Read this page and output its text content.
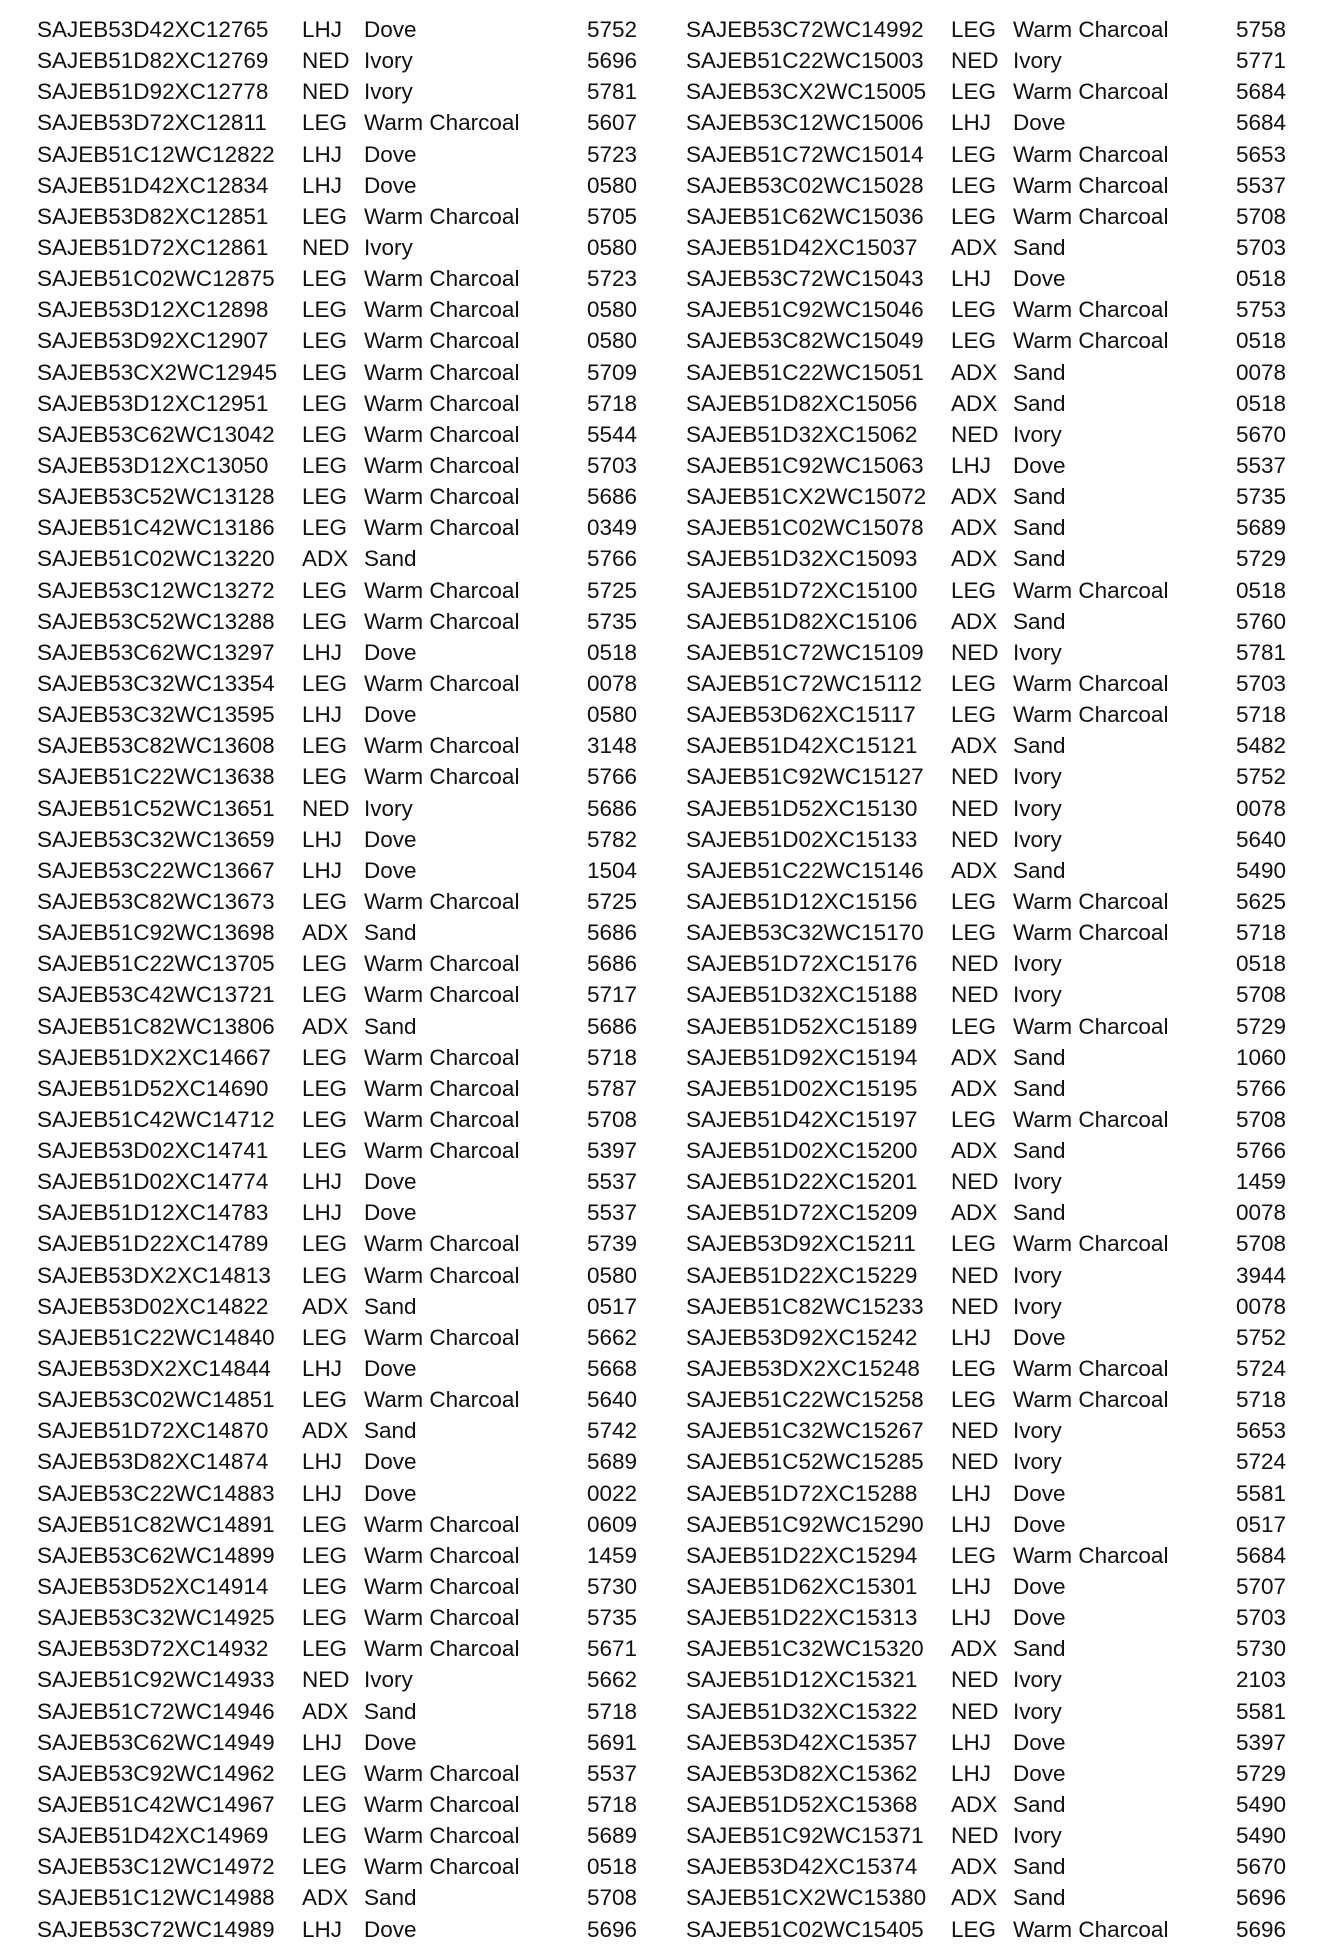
SAJEB53D42XC12765 LHJ Dove	5752
SAJEB51D82XC12769 NED Ivory	5696
SAJEB51D92XC12778 NED Ivory	5781
SAJEB53D72XC12811 LEG Warm Charcoal	5607
SAJEB51C12WC12822 LHJ Dove	5723
SAJEB51D42XC12834 LHJ Dove	0580
SAJEB53D82XC12851 LEG Warm Charcoal	5705
SAJEB51D72XC12861 NED Ivory	0580
SAJEB51C02WC12875 LEG Warm Charcoal	5723
SAJEB53D12XC12898 LEG Warm Charcoal	0580
SAJEB53D92XC12907 LEG Warm Charcoal	0580
SAJEB53CX2WC12945 LEG Warm Charcoal	5709
SAJEB53D12XC12951 LEG Warm Charcoal	5718
SAJEB53C62WC13042 LEG Warm Charcoal	5544
SAJEB53D12XC13050 LEG Warm Charcoal	5703
SAJEB53C52WC13128 LEG Warm Charcoal	5686
SAJEB51C42WC13186 LEG Warm Charcoal	0349
SAJEB51C02WC13220 ADX Sand	5766
SAJEB53C12WC13272 LEG Warm Charcoal	5725
SAJEB53C52WC13288 LEG Warm Charcoal	5735
SAJEB53C62WC13297 LHJ Dove	0518
SAJEB53C32WC13354 LEG Warm Charcoal	0078
SAJEB53C32WC13595 LHJ Dove	0580
SAJEB53C82WC13608 LEG Warm Charcoal	3148
SAJEB51C22WC13638 LEG Warm Charcoal	5766
SAJEB51C52WC13651 NED Ivory	5686
SAJEB53C32WC13659 LHJ Dove	5782
SAJEB53C22WC13667 LHJ Dove	1504
SAJEB53C82WC13673 LEG Warm Charcoal	5725
SAJEB51C92WC13698 ADX Sand	5686
SAJEB51C22WC13705 LEG Warm Charcoal	5686
SAJEB53C42WC13721 LEG Warm Charcoal	5717
SAJEB51C82WC13806 ADX Sand	5686
SAJEB51DX2XC14667 LEG Warm Charcoal	5718
SAJEB51D52XC14690 LEG Warm Charcoal	5787
SAJEB51C42WC14712 LEG Warm Charcoal	5708
SAJEB53D02XC14741 LEG Warm Charcoal	5397
SAJEB51D02XC14774 LHJ Dove	5537
SAJEB51D12XC14783 LHJ Dove	5537
SAJEB51D22XC14789 LEG Warm Charcoal	5739
SAJEB53DX2XC14813 LEG Warm Charcoal	0580
SAJEB53D02XC14822 ADX Sand	0517
SAJEB51C22WC14840 LEG Warm Charcoal	5662
SAJEB53DX2XC14844 LHJ Dove	5668
SAJEB53C02WC14851 LEG Warm Charcoal	5640
SAJEB51D72XC14870 ADX Sand	5742
SAJEB53D82XC14874 LHJ Dove	5689
SAJEB53C22WC14883 LHJ Dove	0022
SAJEB51C82WC14891 LEG Warm Charcoal	0609
SAJEB53C62WC14899 LEG Warm Charcoal	1459
SAJEB53D52XC14914 LEG Warm Charcoal	5730
SAJEB53C32WC14925 LEG Warm Charcoal	5735
SAJEB53D72XC14932 LEG Warm Charcoal	5671
SAJEB51C92WC14933 NED Ivory	5662
SAJEB51C72WC14946 ADX Sand	5718
SAJEB53C62WC14949 LHJ Dove	5691
SAJEB53C92WC14962 LEG Warm Charcoal	5537
SAJEB51C42WC14967 LEG Warm Charcoal	5718
SAJEB51D42XC14969 LEG Warm Charcoal	5689
SAJEB53C12WC14972 LEG Warm Charcoal	0518
SAJEB51C12WC14988 ADX Sand	5708
SAJEB53C72WC14989 LHJ Dove	5696
SAJEB53C72WC14992 LEG Warm Charcoal	5758
SAJEB51C22WC15003 NED Ivory	5771
SAJEB53CX2WC15005 LEG Warm Charcoal	5684
SAJEB53C12WC15006 LHJ Dove	5684
SAJEB51C72WC15014 LEG Warm Charcoal	5653
SAJEB53C02WC15028 LEG Warm Charcoal	5537
SAJEB51C62WC15036 LEG Warm Charcoal	5708
SAJEB51D42XC15037 ADX Sand	5703
SAJEB53C72WC15043 LHJ Dove	0518
SAJEB51C92WC15046 LEG Warm Charcoal	5753
SAJEB53C82WC15049 LEG Warm Charcoal	0518
SAJEB51C22WC15051 ADX Sand	0078
SAJEB51D82XC15056 ADX Sand	0518
SAJEB51D32XC15062 NED Ivory	5670
SAJEB51C92WC15063 LHJ Dove	5537
SAJEB51CX2WC15072 ADX Sand	5735
SAJEB51C02WC15078 ADX Sand	5689
SAJEB51D32XC15093 ADX Sand	5729
SAJEB51D72XC15100 LEG Warm Charcoal	0518
SAJEB51D82XC15106 ADX Sand	5760
SAJEB51C72WC15109 NED Ivory	5781
SAJEB51C72WC15112 LEG Warm Charcoal	5703
SAJEB53D62XC15117 LEG Warm Charcoal	5718
SAJEB51D42XC15121 ADX Sand	5482
SAJEB51C92WC15127 NED Ivory	5752
SAJEB51D52XC15130 NED Ivory	0078
SAJEB51D02XC15133 NED Ivory	5640
SAJEB51C22WC15146 ADX Sand	5490
SAJEB51D12XC15156 LEG Warm Charcoal	5625
SAJEB53C32WC15170 LEG Warm Charcoal	5718
SAJEB51D72XC15176 NED Ivory	0518
SAJEB51D32XC15188 NED Ivory	5708
SAJEB51D52XC15189 LEG Warm Charcoal	5729
SAJEB51D92XC15194 ADX Sand	1060
SAJEB51D02XC15195 ADX Sand	5766
SAJEB51D42XC15197 LEG Warm Charcoal	5708
SAJEB51D02XC15200 ADX Sand	5766
SAJEB51D22XC15201 NED Ivory	1459
SAJEB51D72XC15209 ADX Sand	0078
SAJEB53D92XC15211 LEG Warm Charcoal	5708
SAJEB51D22XC15229 NED Ivory	3944
SAJEB51C82WC15233 NED Ivory	0078
SAJEB53D92XC15242 LHJ Dove	5752
SAJEB53DX2XC15248 LEG Warm Charcoal	5724
SAJEB51C22WC15258 LEG Warm Charcoal	5718
SAJEB51C32WC15267 NED Ivory	5653
SAJEB51C52WC15285 NED Ivory	5724
SAJEB51D72XC15288 LHJ Dove	5581
SAJEB51C92WC15290 LHJ Dove	0517
SAJEB51D22XC15294 LEG Warm Charcoal	5684
SAJEB51D62XC15301 LHJ Dove	5707
SAJEB51D22XC15313 LHJ Dove	5703
SAJEB51C32WC15320 ADX Sand	5730
SAJEB51D12XC15321 NED Ivory	2103
SAJEB51D32XC15322 NED Ivory	5581
SAJEB53D42XC15357 LHJ Dove	5397
SAJEB53D82XC15362 LHJ Dove	5729
SAJEB51D52XC15368 ADX Sand	5490
SAJEB51C92WC15371 NED Ivory	5490
SAJEB53D42XC15374 ADX Sand	5670
SAJEB51CX2WC15380 ADX Sand	5696
SAJEB51C02WC15405 LEG Warm Charcoal	5696
